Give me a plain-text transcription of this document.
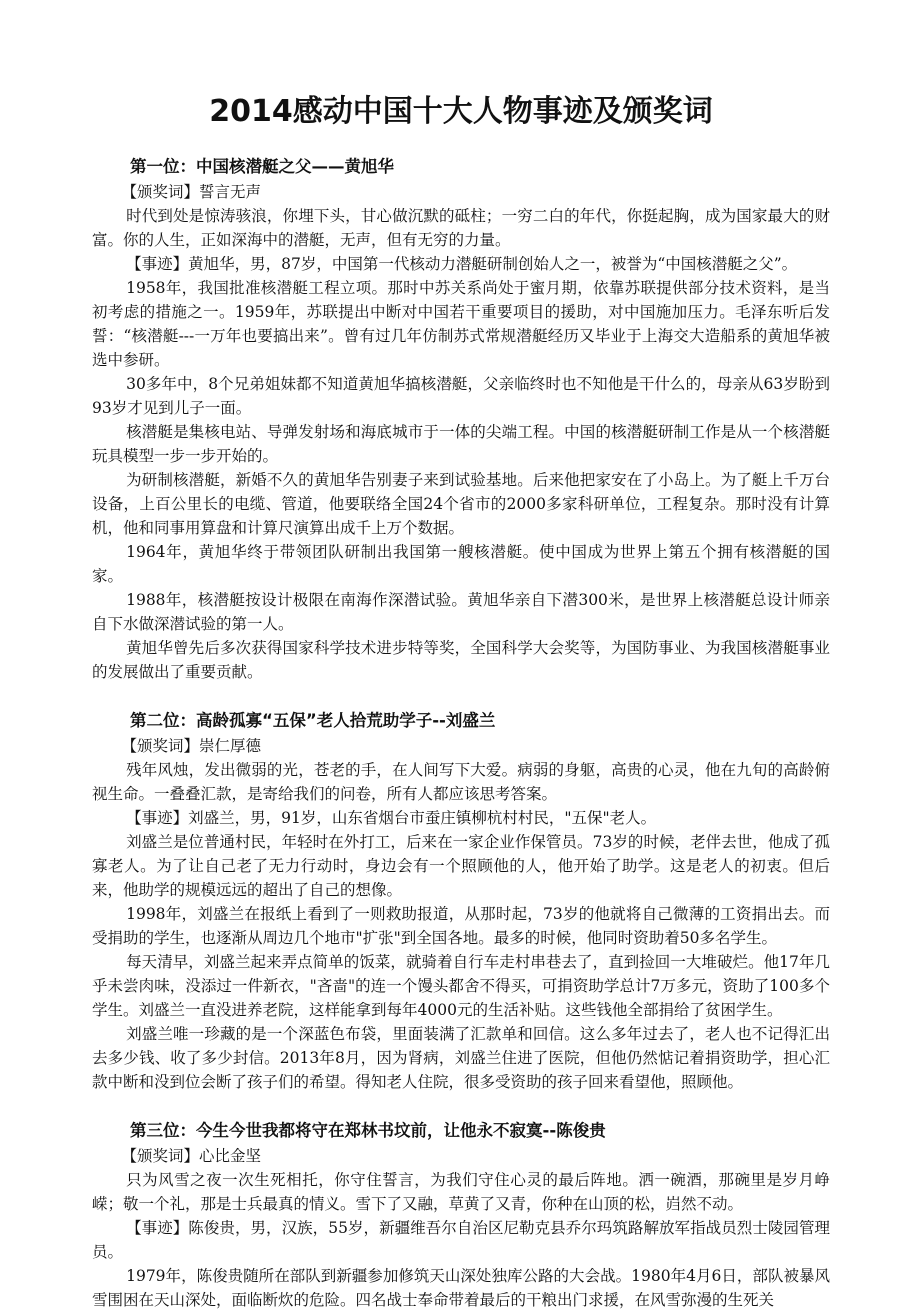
2014感动中国十大人物事迹及颁奖词
第一位：中国核潜艇之父——黄旭华

【颁奖词】誓言无声

时代到处是惊涛骇浪，你埋下头，甘心做沉默的砥柱；一穷二白的年代，你挺起胸，成为国家最大的财富。你的人生，正如深海中的潜艇，无声，但有无穷的力量。

【事迹】黄旭华，男，87岁，中国第一代核动力潜艇研制创始人之一，被誉为“中国核潜艇之父”。

1958年，我国批准核潜艇工程立项。那时中苏关系尚处于蜜月期，依靠苏联提供部分技术资料，是当初考虑的措施之一。1959年，苏联提出中断对中国若干重要项目的援助，对中国施加压力。毛泽东听后发誓：“核潜艇---一万年也要搞出来”。曾有过几年仿制苏式常规潜艇经历又毕业于上海交大造船系的黄旭华被选中参研。

30多年中，8个兄弟姐妹都不知道黄旭华搞核潜艇，父亲临终时也不知他是干什么的，母亲从63岁盼到93岁才见到儿子一面。

核潜艇是集核电站、导弹发射场和海底城市于一体的尖端工程。中国的核潜艇研制工作是从一个核潜艇玩具模型一步一步开始的。

为研制核潜艇，新婚不久的黄旭华告别妻子来到试验基地。后来他把家安在了小岛上。为了艇上千万台设备，上百公里长的电缆、管道，他要联络全国24个省市的2000多家科研单位，工程复杂。那时没有计算机，他和同事用算盘和计算尺演算出成千上万个数据。

1964年，黄旭华终于带领团队研制出我国第一艘核潜艇。使中国成为世界上第五个拥有核潜艇的国家。

1988年，核潜艇按设计极限在南海作深潜试验。黄旭华亲自下潜300米，是世界上核潜艇总设计师亲自下水做深潜试验的第一人。

黄旭华曾先后多次获得国家科学技术进步特等奖，全国科学大会奖等，为国防事业、为我国核潜艇事业的发展做出了重要贡献。

第二位：高龄孤寡“五保”老人拾荒助学子--刘盛兰

【颁奖词】崇仁厚德

残年风烛，发出微弱的光，苍老的手，在人间写下大爱。病弱的身躯，高贵的心灵，他在九旬的高龄俯视生命。一叠叠汇款，是寄给我们的问卷，所有人都应该思考答案。

【事迹】刘盛兰，男，91岁，山东省烟台市蚕庄镇柳杭村村民，"五保"老人。

刘盛兰是位普通村民，年轻时在外打工，后来在一家企业作保管员。73岁的时候，老伴去世，他成了孤寡老人。为了让自己老了无力行动时，身边会有一个照顾他的人，他开始了助学。这是老人的初衷。但后来，他助学的规模远远的超出了自己的想像。

1998年，刘盛兰在报纸上看到了一则救助报道，从那时起，73岁的他就将自己微薄的工资捐出去。而受捐助的学生，也逐渐从周边几个地市"扩张"到全国各地。最多的时候，他同时资助着50多名学生。

每天清早，刘盛兰起来弄点简单的饭菜，就骑着自行车走村串巷去了，直到捡回一大堆破烂。他17年几乎未尝肉味，没添过一件新衣，"吝啬"的连一个馒头都舍不得买，可捐资助学总计7万多元，资助了100多个学生。刘盛兰一直没进养老院，这样能拿到每年4000元的生活补贴。这些钱他全部捐给了贫困学生。

刘盛兰唯一珍藏的是一个深蓝色布袋，里面装满了汇款单和回信。这么多年过去了，老人也不记得汇出去多少钱、收了多少封信。2013年8月，因为肾病，刘盛兰住进了医院，但他仍然惦记着捐资助学，担心汇款中断和没到位会断了孩子们的希望。得知老人住院，很多受资助的孩子回来看望他，照顾他。

第三位：今生今世我都将守在郑林书坟前，让他永不寂寞--陈俊贵

【颁奖词】心比金坚

只为风雪之夜一次生死相托，你守住誓言，为我们守住心灵的最后阵地。洒一碗酒，那碗里是岁月峥嵘；敬一个礼，那是士兵最真的情义。雪下了又融，草黄了又青，你种在山顶的松，岿然不动。

【事迹】陈俊贵，男，汉族，55岁，新疆维吾尔自治区尼勒克县乔尔玛筑路解放军指战员烈士陵园管理员。

1979年，陈俊贵随所在部队到新疆参加修筑天山深处独库公路的大会战。1980年4月6日，部队被暴风雪围困在天山深处，面临断炊的危险。四名战士奉命带着最后的干粮出门求援，在风雪弥漫的生死关
